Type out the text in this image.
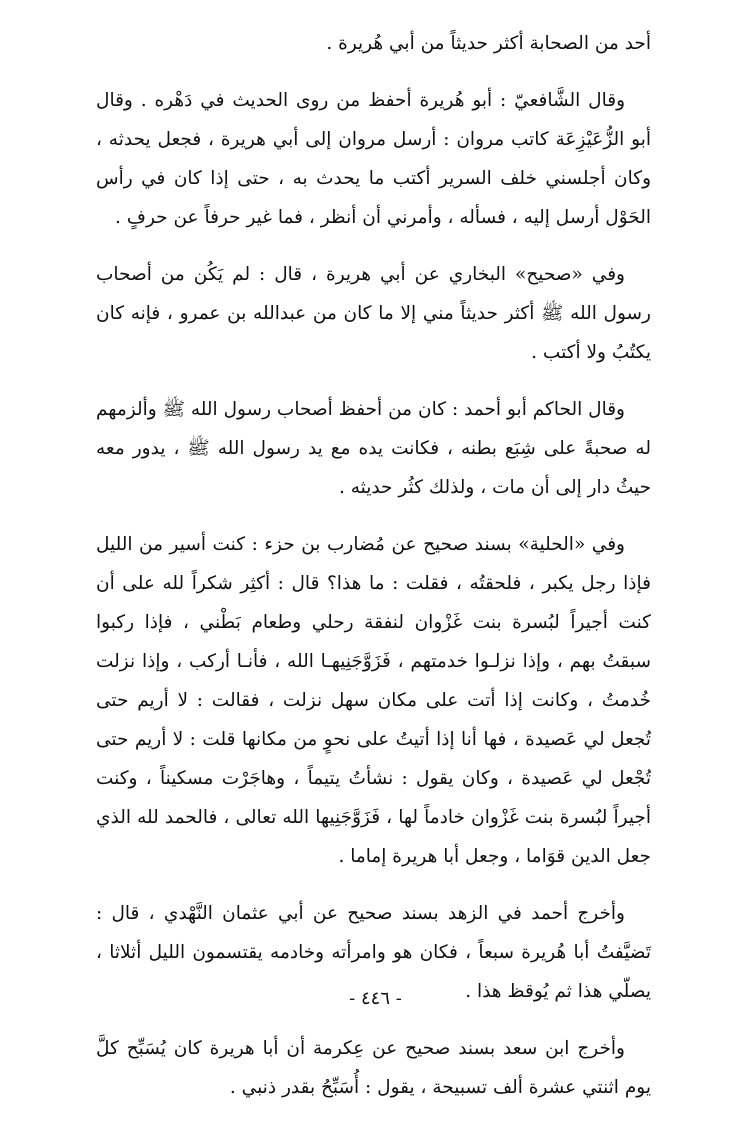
أحد من الصحابة أكثر حديثاً من أبي هُريرة .

وقال الشَّافعيّ : أبو هُريرة أحفظ من روى الحديث في دَهْره . وقال أبو الزُّعَيْزِعَة كاتب مروان : أرسل مروان إلى أبي هريرة ، فجعل يحدثه ، وكان أجلسني خلف السرير أكتب ما يحدث به ، حتى إذا كان في رأس الحَوْل أرسل إليه ، فسأله ، وأمرني أن أنظر ، فما غير حرفاً عن حرفٍ .

وفي «صحيح» البخاري عن أبي هريرة ، قال : لم يَكُن من أصحاب رسول الله ﷺ أكثر حديثاً مني إلا ما كان من عبدالله بن عمرو ، فإنه كان يكتُبُ ولا أكتب .

وقال الحاكم أبو أحمد : كان من أحفظ أصحاب رسول الله ﷺ وألزمهم له صحبةً على شِبَع بطنه ، فكانت يده مع يد رسول الله ﷺ ، يدور معه حيثُ دار إلى أن مات ، ولذلك كثُر حديثه .

وفي «الحلية» بسند صحيح عن مُضارب بن حزء : كنت أسير من الليل فإذا رجل يكبر ، فلحقتُه ، فقلت : ما هذا؟ قال : أكثِر شكراً لله على أن كنت أجيراً لبُسرة بنت غَزْوان لنفقة رحلي وطعام بَطْني ، فإذا ركبوا سبقتُ بهم ، وإذا نزلـوا خدمتهم ، فَزَوَّجَنِيهـا الله ، فأنـا أركب ، وإذا نزلت خُدمتُ ، وكانت إذا أتت على مكان سهل نزلت ، فقالت : لا أريم حتى تُجعل لي عَصيدة ، فها أنا إذا أتيتُ على نحوٍ من مكانها قلت : لا أريم حتى تُجْعل لي عَصيدة ، وكان يقول : نشأتُ يتيماً ، وهاجَرْت مسكيناً ، وكنت أجيراً لبُسرة بنت غَزْوان خادماً لها ، فَزَوَّجَنِيها الله تعالى ، فالحمد لله الذي جعل الدين قوَاما ، وجعل أبا هريرة إماما .

وأخرج أحمد في الزهد بسند صحيح عن أبي عثمان النَّهْدي ، قال : تَضيَّفتُ أبا هُريرة سبعاً ، فكان هو وامرأته وخادمه يقتسمون الليل أثلاثا ، يصلّي هذا ثم يُوقظ هذا .

وأخرج ابن سعد بسند صحيح عن عِكرمة أن أبا هريرة كان يُسَبِّح كلَّ يوم اثنتي عشرة ألف تسبيحة ، يقول : أُسَبِّحُ بقدر ذنبي .

- ٤٤٦ -
